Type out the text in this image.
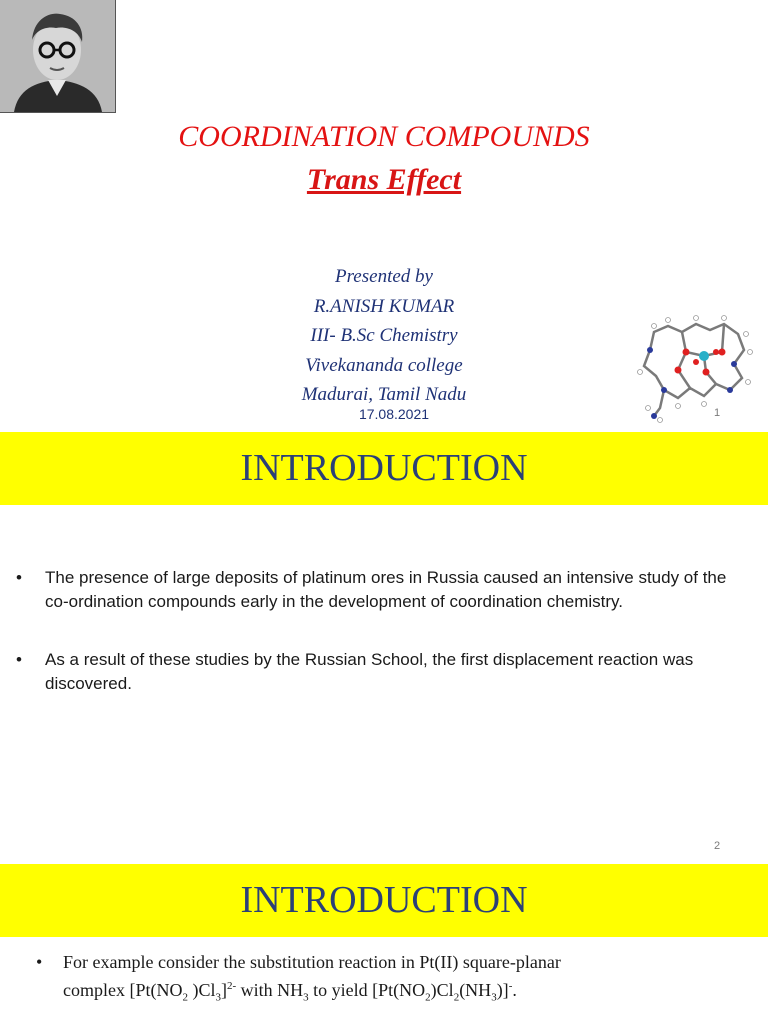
COORDINATION COMPOUNDS
Trans Effect
Presented by
R.ANISH KUMAR
III- B.Sc Chemistry
Vivekananda college
Madurai, Tamil Nadu
17.08.2021	1
INTRODUCTION
• The presence of large deposits of platinum ores in Russia caused an intensive study of the co-ordination compounds early in the development of coordination chemistry.
• As a result of these studies by the Russian School, the first displacement reaction was discovered.
2
INTRODUCTION
• For example consider the substitution reaction in Pt(II) square-planar
complex [$Pt(NO_2$ )$Cl_3]^{2-}$ with $NH_3$ to yield $[Pt(NO_2)Cl_2(NH_3)]^-$.
